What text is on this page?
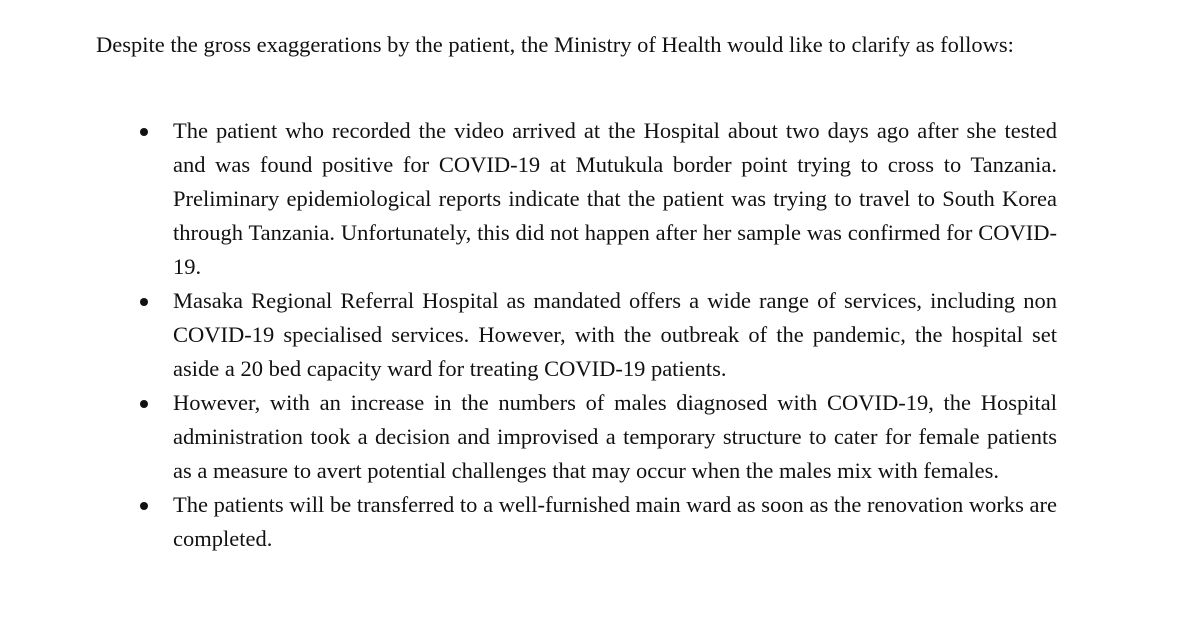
Despite the gross exaggerations by the patient, the Ministry of Health would like to clarify as follows:

The patient who recorded the video arrived at the Hospital about two days ago after she tested and was found positive for COVID-19 at Mutukula border point trying to cross to Tanzania. Preliminary epidemiological reports indicate that the patient was trying to travel to South Korea through Tanzania. Unfortunately, this did not happen after her sample was confirmed for COVID-19.
Masaka Regional Referral Hospital as mandated offers a wide range of services, including non COVID-19 specialised services. However, with the outbreak of the pandemic, the hospital set aside a 20 bed capacity ward for treating COVID-19 patients.
However, with an increase in the numbers of males diagnosed with COVID-19, the Hospital administration took a decision and improvised a temporary structure to cater for female patients as a measure to avert potential challenges that may occur when the males mix with females.
The patients will be transferred to a well-furnished main ward as soon as the renovation works are completed.
